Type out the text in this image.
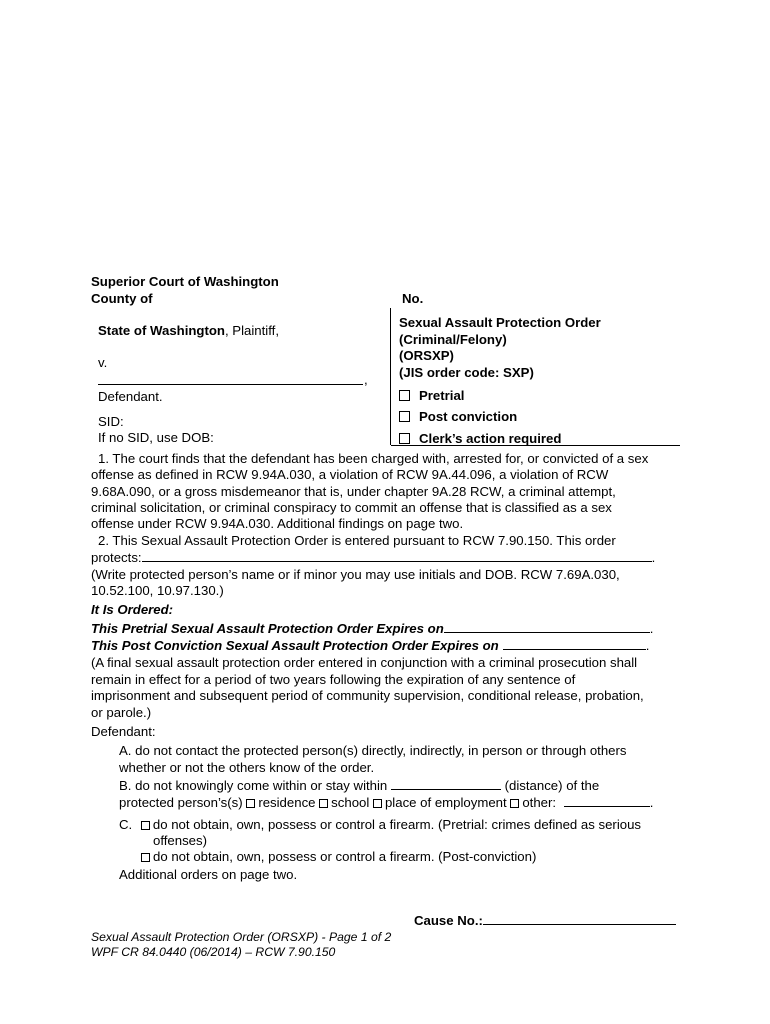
Superior Court of Washington
County of	No.
State of Washington, Plaintiff,
v.
,
Defendant.
SID:
If no SID, use DOB:
Sexual Assault Protection Order
(Criminal/Felony)
(ORSXP)
(JIS order code: SXP)
Pretrial
Post conviction
Clerk’s action required
1. The court finds that the defendant has been charged with, arrested for, or convicted of a sex
offense as defined in RCW 9.94A.030, a violation of RCW 9A.44.096, a violation of RCW
9.68A.090, or a gross misdemeanor that is, under chapter 9A.28 RCW, a criminal attempt,
criminal solicitation, or criminal conspiracy to commit an offense that is classified as a sex
offense under RCW 9.94A.030. Additional findings on page two.
2. This Sexual Assault Protection Order is entered pursuant to RCW 7.90.150. This order
protects:	.
(Write protected person’s name or if minor you may use initials and DOB. RCW 7.69A.030,
10.52.100, 10.97.130.)
It Is Ordered:
This Pretrial Sexual Assault Protection Order Expires on	.
This Post Conviction Sexual Assault Protection Order Expires on	.
(A final sexual assault protection order entered in conjunction with a criminal prosecution shall
remain in effect for a period of two years following the expiration of any sentence of
imprisonment and subsequent period of community supervision, conditional release, probation,
or parole.)
Defendant:
A. do not contact the protected person(s) directly, indirectly, in person or through others
whether or not the others know of the order.
B. do not knowingly come within or stay within	(distance) of the
protected person’s(s) residence school place of employment other:	.
C. do not obtain, own, possess or control a firearm. (Pretrial: crimes defined as serious
offenses)
do not obtain, own, possess or control a firearm. (Post-conviction)
Additional orders on page two.
Cause No.:
Sexual Assault Protection Order (ORSXP) - Page 1 of 2
WPF CR 84.0440 (06/2014) – RCW 7.90.150
